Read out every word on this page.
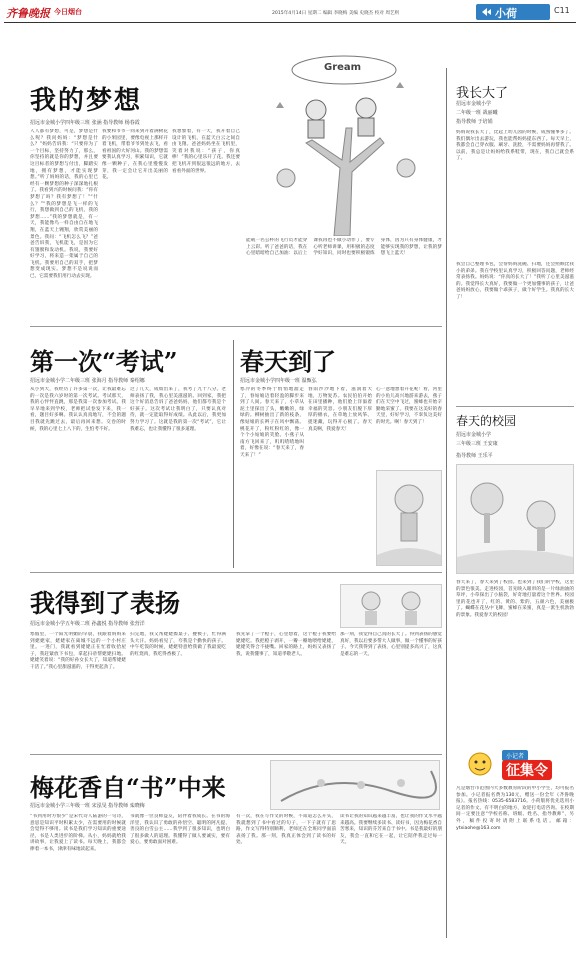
齐鲁晚报 今日烟台	2015年4月14日 星期二 编辑 李晓梅 美编 史晓杰 校对 周艺则	小荷	C11
我的梦想
招远市金城小学四年级三班 张涵 指导教师 杨春霞
人人都有梦想，可是，梦想是什么呢？我问妈妈：“梦想是什么？”妈妈告诉我：“只要你为了一个目标，坚持努力了，那么，你坚持的就是你的梦想，并且要这目标者的梦想与付出，脚踏实地，拥有梦想，才能实现梦想。”听了妈妈的话，我的心里已经有一颗梦想的种子深深地扎根了。我看到兴的时候问我：“你有梦想了吗？我有梦想了！”“什么？”“我的梦想是飞一样的飞行，我想做到自己的飞机，我的梦想……”我的梦想就是，有一天，我能像鸟一样自由自在地飞翔，在蓝天上翱翔，欣赏美丽的景色。我问：“飞机怎么飞？”爸爸告诉我，飞机能飞，是因为它有翅膀和发动机。我说，我要好好学习，将来造一架属于自己的飞机。我要用自己的双手，把梦想变成现实。梦想不是说说而已，它需要我们用行动去实现。
我要和爷爷一同来到开着满树花的小果园里，要像电视上那样开着飞机，带着爷爷到处去飞，看看祖国的大好河山。我的梦想需要我认真学习，积累知识，它就像一颗种子，在我心里慢慢发芽，我一定会让它开出美丽的花。
我想象着，有一天，我开着自己设计的飞机，在蓝天白云之间自由飞翔。爸爸妈妈坐在飞机里，笑着对我说：“孩子，你真棒！”我的心里乐开了花。我还要把飞机开到很远很远的地方，去看看外面的世界。
能载一名公杯的飞行员才能穿上云彩。听了爸爸的话，我在心里暗暗给自己加油：以后上课我再也不做小动作了，要专心听老师讲课，用积极的态度学好知识，同时也要积极锻炼身体，因为只有身体健康，才能够实现我的梦想，让我的梦想飞上蓝天！
Gream
我长大了
招远市金城小学
二年级一班 战丽曦
指导教师 于培娟
妈妈说我长大了，比起上幼儿园的时候，成熟懂事多了。我们偶尔出去游玩，我也能帮妈妈提东西了。每天早上，我都会自己穿衣服、刷牙、洗脸，不需要妈妈再帮我了。以前，我总是让妈妈给我系鞋带，现在，我自己就会系了。
我会自己整理书包，会帮妈妈洗碗、扫地，还会照顾比我小的弟弟。我在学校里认真学习，积极回答问题，老师经常表扬我。妈妈说：“你真的长大了！”我听了心里美滋滋的。我觉得长大真好，我要做一个更加懂事的孩子，让爸爸妈妈放心，我要做个乖孩子，做个好学生。我真的长大了！
春天的校园
招远市金城小学
三年级三班 王安康
指导教师 王乐平
春天来了，春天来到了校园。也来到了我们的学校，这里的景色很美。走进校园，首先映入眼帘的是一片绿油油的草坪，小草探出了小脑袋，好奇地打量着这个世界。校园里的花也开了，红的、黄的、紫的，五颜六色，美丽极了。蝴蝶在花丛中飞舞，蜜蜂在采蜜，真是一派生机勃勃的景象。我爱春天的校园！
小记者
征集令
凡是烟台市范围内大多数教育阶段的中小学生，均可报名参加。小记者报名费为130元，赠送一份全年《齐鲁晚报》。报名热线：0535-6583716。小荷版将优先选用小记者的作文。有不明白的地方，欢迎打电话咨询。在校期间一定要注意“学校名称、班级、姓名、指导教师”，另外，稿件投寄时请附上联系电话。邮箱：ytxiaohe@163.com
第一次“考试”
招远市金城小学二年级三班 张海月 指导教师 秦绍娜
从小到大，我经历了许多第一次，让我最难忘的一次是我六岁时的第一次考试。考试那天，我的心怦怦直跳，那是我第一次参加考试。我早早地来到学校，老师把试卷发下来，我一看，题目好多啊。我认认真真地写，不会的题目我就先跳过去，最后再回来想。交卷的时候，我的心里七上八下的，生怕考不好。
过了几天，成绩出来了，我考了九十八分。老师表扬了我，我心里美滋滋的。回到家，我把这个好消息告诉了爸爸妈妈，他们都夸我是个好孩子。这次考试让我明白了，只要认真对待，就一定能取得好成绩。从此以后，我更加努力学习了。这就是我的第一次“考试”，它让我难忘，也让我懂得了很多道理。
春天到了
招远市金城小学四年级一班 温甄弘
寒冷的冬季终于悄悄地溜走了，春姑娘迈着轻盈的脚步来到了人间。春天来了，小草从泥土里探出了头，嫩嫩的，绿绿的。柳树抽出了新的枝条，像姑娘的长辫子在风中飘荡。桃花开了，粉红粉红的，像一个个小姑娘的笑脸。小燕子从南方飞回来了，叽叽喳喳地叫着，好像在说：“春天来了，春天来了！”
春雨沙沙地下着，滋润着大地，万物复苏。农民伯伯开始在田里播种，他们脸上洋溢着幸福的笑容。小朋友们脱下厚厚的棉衣，在草地上放风筝、捉迷藏，玩得开心极了。春天真美啊，我爱春天！
心一意地想着开花呢！看，河里的小鱼儿高兴地游来游去，燕子们在天空中飞过，蜜蜂也开始辛勤地采蜜了。我要在这美好的春天里，好好学习，不辜负这美好的时光。啊！春天到了！
我得到了表扬
招远市金城小学五年级二班 孙鑫悦 指导教师 张营洋
寒假里，一个阳光明媚的早晨，我跟着妈妈来到姥姥家，姥姥家在离城不远的一个小村庄里。一进门，我就看到姥姥正在忙着收拾屋子，我赶紧放下书包，拿起扫帚帮姥姥扫地。姥姥笑着说：“我的好孙女长大了，知道帮姥姥干活了。”我心里甜滋滋的，干得更起劲了。
扫完地，我又帮姥姥擦桌子、叠被子，忙得满头大汗。妈妈看见了，夸我是个勤快的孩子。中午吃饭的时候，姥姥特意给我做了我最爱吃的红烧肉，我吃得香极了。
我先拿了一个橙子，心里想着，这个橙子我要给姥姥吃。我把橙子剥开，一瓣一瓣地喂给姥姥，姥姥笑得合不拢嘴。回家的路上，妈妈又表扬了我，说我懂事了，知道孝敬老人。
那一刻，我觉得自己真的长大了。得到表扬的感觉真好，我以后要多帮大人做事，做一个懂事的好孩子。今天我得到了表扬，心里别提多高兴了，这真是难忘的一天。
梅花香自“书”中来
招远市金城小学三年级一班 宋泓旻 指导教师 栾晓梅
“书到用时方恨少”是宋代诗人陆游的一句诗，意思是知识平时积累太少，在需要用的时候就会觉得不够用。读书是我们学习知识的重要途径，书是人类进步的阶梯。从小，妈妈就给我讲故事，让我爱上了读书。每天晚上，我都会捧着一本书，津津有味地读起来。
书就像一位良师益友，陪伴着我成长。在书的海洋里，我认识了勇敢的孙悟空、聪明的阿凡提、善良的白雪公主……我学到了很多知识，也明白了很多做人的道理。我懂得了做人要诚实，要有爱心，要勇敢面对困难。
有一次，我在写作文的时候，不知道怎么开头，我就想到了书中看过的句子，一下子就有了思路，作文写得特别顺利，老师还在全班同学面前表扬了我。那一刻，我真正体会到了读书的好处。
读书让我的知识越来越丰富，也让我的作文水平越来越高。我要继续多读书、读好书，因为梅花香自苦寒来，知识的芬芳来自于书中。书是我最好的朋友，我会一直和它在一起，让它陪伴我走过每一天。
